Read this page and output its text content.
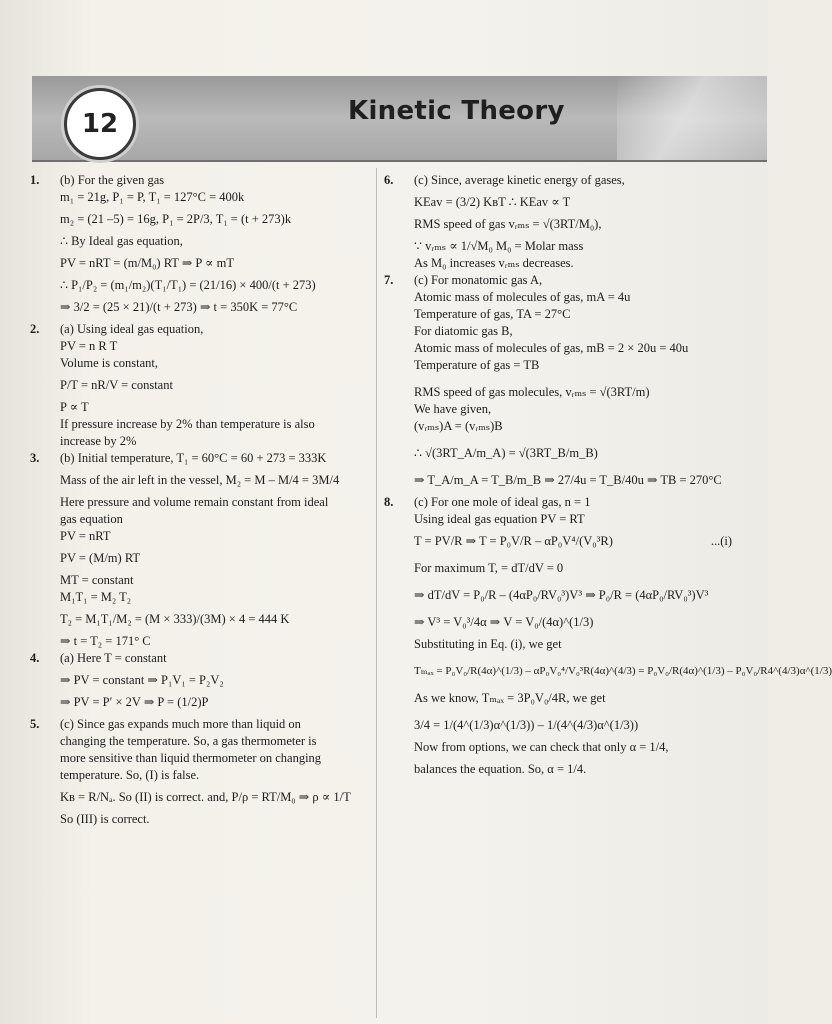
12	Kinetic Theory
1. (b) For the given gas
m₁ = 21g, P₁ = P, T₁ = 127°C = 400k
m₂ = (21 –5) = 16g, P₁ = 2P/3, T₁ = (t + 273)k
∴ By Ideal gas equation,
PV = nRT = (m/M₀) RT ⇒ P ∝ mT
∴ P₁/P₂ = (m₁/m₂)(T₁/T₁) = (21/16) × 400/(t + 273)
⇒ 3/2 = (25 × 21)/(t + 273) ⇒ t = 350K = 77°C
2. (a) Using ideal gas equation,
PV = n R T
Volume is constant,
P/T = nR/V = constant
P ∝ T
If pressure increase by 2% than temperature is also
increase by 2%
3. (b) Initial temperature, T₁ = 60°C = 60 + 273 = 333K
Mass of the air left in the vessel, M₂ = M – M/4 = 3M/4
Here pressure and volume remain constant from ideal
gas equation
PV = nRT
PV = (M/m) RT
MT = constant
M₁T₁ = M₂ T₂
T₂ = M₁T₁/M₂ = (M × 333)/(3M) × 4 = 444 K
⇒ t = T₂ = 171° C
4. (a) Here T = constant
⇒ PV = constant ⇒ P₁V₁ = P₂V₂
⇒ PV = P′ × 2V ⇒ P = (1/2)P
5. (c) Since gas expands much more than liquid on
changing the temperature. So, a gas thermometer is
more sensitive than liquid thermometer on changing
temperature. So, (I) is false.
Kʙ = R/Nₐ. So (II) is correct. and, P/ρ = RT/M₀ ⇒ ρ ∝ 1/T
So (III) is correct.
6. (c) Since, average kinetic energy of gases,
KEav = (3/2) KʙT ∴ KEav ∝ T
RMS speed of gas vᵣₘₛ = √(3RT/M₀),
∵ vᵣₘₛ ∝ 1/√M₀ M₀ = Molar mass
As M₀ increases vᵣₘₛ decreases.
7. (c) For monatomic gas A,
Atomic mass of molecules of gas, mA = 4u
Temperature of gas, TA = 27°C
For diatomic gas B,
Atomic mass of molecules of gas, mB = 2 × 20u = 40u
Temperature of gas = TB
RMS speed of gas molecules, vᵣₘₛ = √(3RT/m)
We have given,
(vᵣₘₛ)A = (vᵣₘₛ)B
∴ √(3RT_A/m_A) = √(3RT_B/m_B)
⇒ T_A/m_A = T_B/m_B ⇒ 27/4u = T_B/40u ⇒ TB = 270°C
8. (c) For one mole of ideal gas, n = 1
Using ideal gas equation PV = RT
T = PV/R ⇒ T = P₀V/R – αP₀V⁴/(V₀³R)	...(i)
For maximum T, = dT/dV = 0
⇒ dT/dV = P₀/R – (4αP₀/RV₀³)V³ ⇒ P₀/R = (4αP₀/RV₀³)V³
⇒ V³ = V₀³/4α ⇒ V = V₀/(4α)^(1/3)
Substituting in Eq. (i), we get
Tₘₐₓ = P₀V₀/R(4α)^(1/3) – αP₀V₀⁴/V₀³R(4α)^(4/3) = P₀V₀/R(4α)^(1/3) – P₀V₀/R4^(4/3)α^(1/3)
As we know, Tₘₐₓ = 3P₀V₀/4R, we get
3/4 = 1/(4^(1/3)α^(1/3)) – 1/(4^(4/3)α^(1/3))
Now from options, we can check that only α = 1/4,
balances the equation. So, α = 1/4.
